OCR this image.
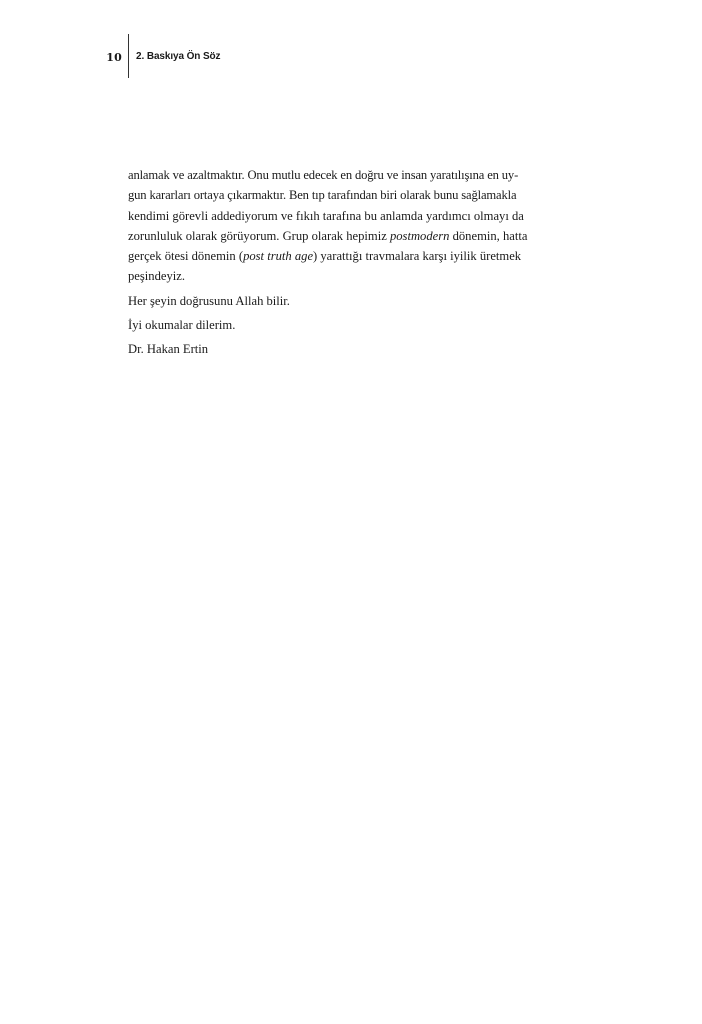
10 2. Baskıya Ön Söz

anlamak ve azaltmaktır. Onu mutlu edecek en doğru ve insan yaratılışına en uy-
gun kararları ortaya çıkarmaktır. Ben tıp tarafından biri olarak bunu sağlamakla
kendimi görevli addediyorum ve fıkıh tarafına bu anlamda yardımcı olmayı da
zorunluluk olarak görüyorum. Grup olarak hepimiz postmodern dönemin, hatta
gerçek ötesi dönemin (post truth age) yarattığı travmalara karşı iyilik üretmek
peşindeyiz.

Her şeyin doğrusunu Allah bilir.

İyi okumalar dilerim.

Dr. Hakan Ertin
